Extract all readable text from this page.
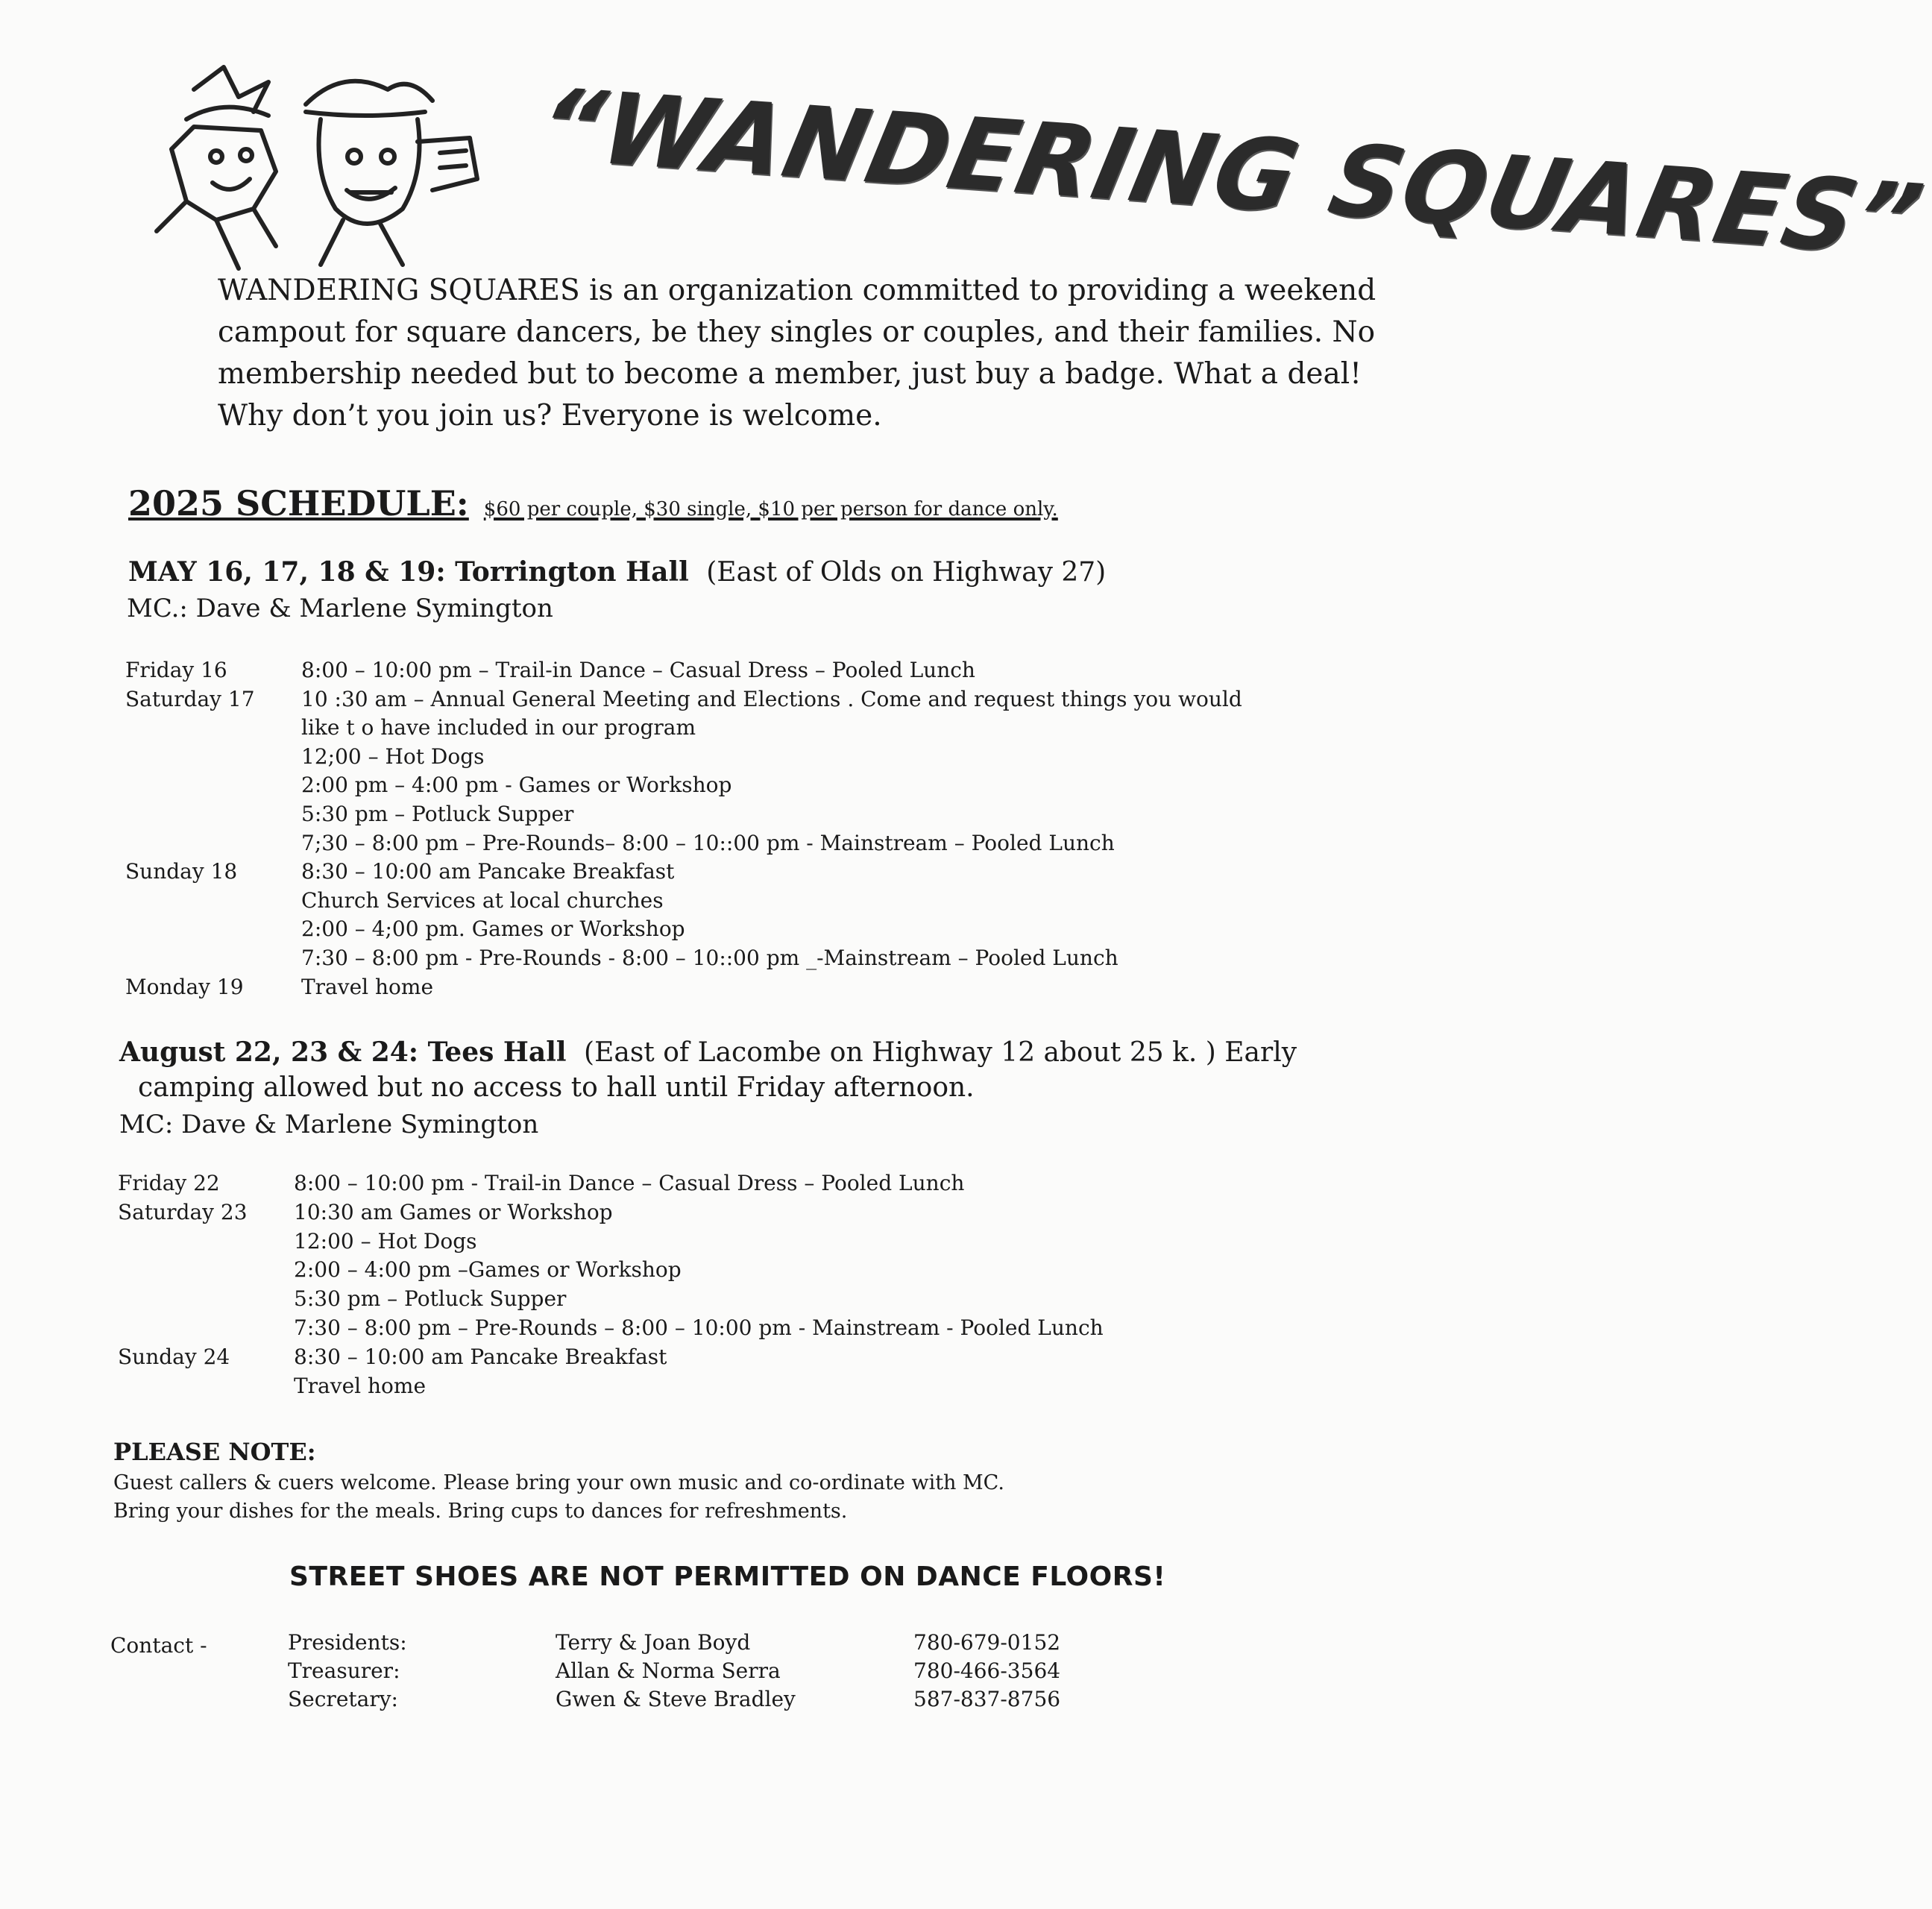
“WANDERING SQUARES”
WANDERING SQUARES is an organization committed to providing a weekend campout for square dancers, be they singles or couples, and their families. No membership needed but to become a member, just buy a badge. What a deal! Why don’t you join us? Everyone is welcome.
2025 SCHEDULE: $60 per couple, $30 single, $10 per person for dance only.
MAY 16, 17, 18 & 19: Torrington Hall (East of Olds on Highway 27)
MC.: Dave & Marlene Symington
Friday 16	8:00 – 10:00 pm – Trail-in Dance – Casual Dress – Pooled Lunch
Saturday 17	10 :30 am – Annual General Meeting and Elections . Come and request things you would
like t o have included in our program
12;00 – Hot Dogs
2:00 pm – 4:00 pm - Games or Workshop
5:30 pm – Potluck Supper
7;30 – 8:00 pm – Pre-Rounds– 8:00 – 10::00 pm - Mainstream – Pooled Lunch
Sunday 18	8:30 – 10:00 am Pancake Breakfast
Church Services at local churches
2:00 – 4;00 pm. Games or Workshop
7:30 – 8:00 pm - Pre-Rounds - 8:00 – 10::00 pm _-Mainstream – Pooled Lunch
Monday 19	Travel home
August 22, 23 & 24: Tees Hall (East of Lacombe on Highway 12 about 25 k. ) Early
camping allowed but no access to hall until Friday afternoon.
MC: Dave & Marlene Symington
Friday 22	8:00 – 10:00 pm - Trail-in Dance – Casual Dress – Pooled Lunch
Saturday 23	10:30 am Games or Workshop
12:00 – Hot Dogs
2:00 – 4:00 pm –Games or Workshop
5:30 pm – Potluck Supper
7:30 – 8:00 pm – Pre-Rounds – 8:00 – 10:00 pm - Mainstream - Pooled Lunch
Sunday 24	8:30 – 10:00 am Pancake Breakfast
Travel home
PLEASE NOTE:
Guest callers & cuers welcome. Please bring your own music and co-ordinate with MC.
Bring your dishes for the meals. Bring cups to dances for refreshments.
STREET SHOES ARE NOT PERMITTED ON DANCE FLOORS!
Contact -	Presidents:	Terry & Joan Boyd	780-679-0152
Treasurer:	Allan & Norma Serra	780-466-3564
Secretary:	Gwen & Steve Bradley	587-837-8756
